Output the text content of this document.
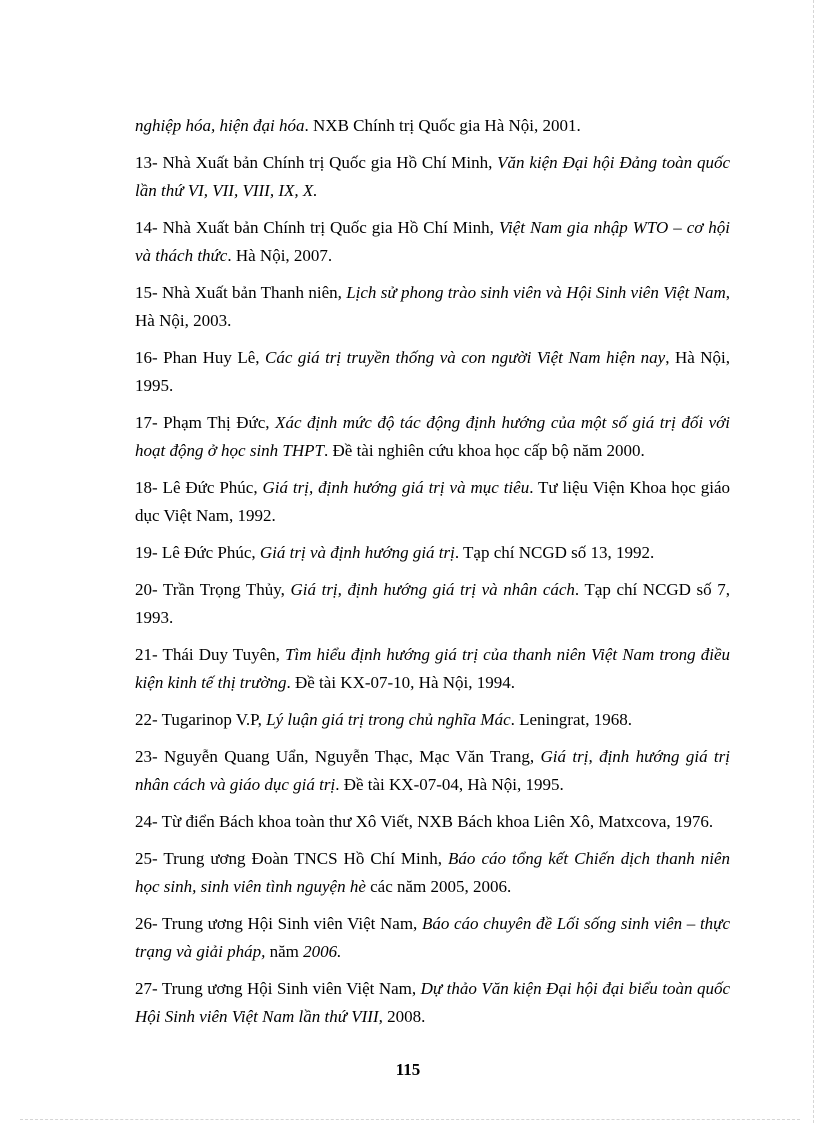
nghiệp hóa, hiện đại hóa. NXB Chính trị Quốc gia Hà Nội, 2001.

13- Nhà Xuất bản Chính trị Quốc gia Hồ Chí Minh, Văn kiện Đại hội Đảng toàn quốc lần thứ VI, VII, VIII, IX, X.

14- Nhà Xuất bản Chính trị Quốc gia Hồ Chí Minh, Việt Nam gia nhập WTO – cơ hội và thách thức. Hà Nội, 2007.

15- Nhà Xuất bản Thanh niên, Lịch sử phong trào sinh viên và Hội Sinh viên Việt Nam, Hà Nội, 2003.

16- Phan Huy Lê, Các giá trị truyền thống và con người Việt Nam hiện nay, Hà Nội, 1995.

17- Phạm Thị Đức, Xác định mức độ tác động định hướng của một số giá trị đối với hoạt động ở học sinh THPT. Đề tài nghiên cứu khoa học cấp bộ năm 2000.

18- Lê Đức Phúc, Giá trị, định hướng giá trị và mục tiêu. Tư liệu Viện Khoa học giáo dục Việt Nam, 1992.

19- Lê Đức Phúc, Giá trị và định hướng giá trị. Tạp chí NCGD số 13, 1992.

20- Trần Trọng Thủy, Giá trị, định hướng giá trị và nhân cách. Tạp chí NCGD số 7, 1993.

21- Thái Duy Tuyên, Tìm hiểu định hướng giá trị của thanh niên Việt Nam trong điều kiện kinh tế thị trường. Đề tài KX-07-10, Hà Nội, 1994.

22- Tugarinop V.P, Lý luận giá trị trong chủ nghĩa Mác. Leningrat, 1968.

23- Nguyễn Quang Uẩn, Nguyễn Thạc, Mạc Văn Trang, Giá trị, định hướng giá trị nhân cách và giáo dục giá trị. Đề tài KX-07-04, Hà Nội, 1995.

24- Từ điển Bách khoa toàn thư Xô Viết, NXB Bách khoa Liên Xô, Matxcova, 1976.

25- Trung ương Đoàn TNCS Hồ Chí Minh, Báo cáo tổng kết Chiến dịch thanh niên học sinh, sinh viên tình nguyện hè các năm 2005, 2006.

26- Trung ương Hội Sinh viên Việt Nam, Báo cáo chuyên đề Lối sống sinh viên – thực trạng và giải pháp, năm 2006.

27- Trung ương Hội Sinh viên Việt Nam, Dự thảo Văn kiện Đại hội đại biểu toàn quốc Hội Sinh viên Việt Nam lần thứ VIII, 2008.

115
